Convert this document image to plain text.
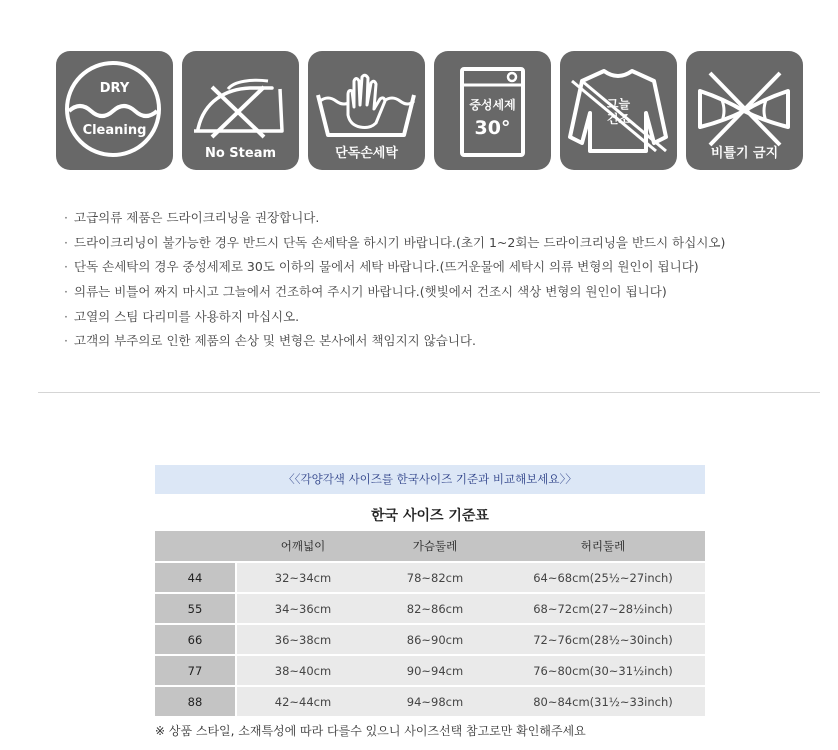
DRY
Cleaning
No Steam	단독손세탁
중성세제
30°
그늘
건조
비틀기 금지
· 고급의류 제품은 드라이크리닝을 권장합니다.
· 드라이크리닝이 불가능한 경우 반드시 단독 손세탁을 하시기 바랍니다.(초기 1~2회는 드라이크리닝을 반드시 하십시오)
· 단독 손세탁의 경우 중성세제로 30도 이하의 물에서 세탁 바랍니다.(뜨거운물에 세탁시 의류 변형의 원인이 됩니다)
· 의류는 비틀어 짜지 마시고 그늘에서 건조하여 주시기 바랍니다.(햇빛에서 건조시 색상 변형의 원인이 됩니다)
· 고열의 스팀 다리미를 사용하지 마십시오.
· 고객의 부주의로 인한 제품의 손상 및 변형은 본사에서 책임지지 않습니다.
〈〈각양각색 사이즈를 한국사이즈 기준과 비교해보세요〉〉
한국 사이즈 기준표
	어깨넓이	가슴둘레	허리둘레
44	32~34cm	78~82cm	64~68cm(25½~27inch)
55	34~36cm	82~86cm	68~72cm(27~28½inch)
66	36~38cm	86~90cm	72~76cm(28½~30inch)
77	38~40cm	90~94cm	76~80cm(30~31½inch)
88	42~44cm	94~98cm	80~84cm(31½~33inch)
※ 상품 스타일, 소재특성에 따라 다를수 있으니 사이즈선택 참고로만 확인해주세요
